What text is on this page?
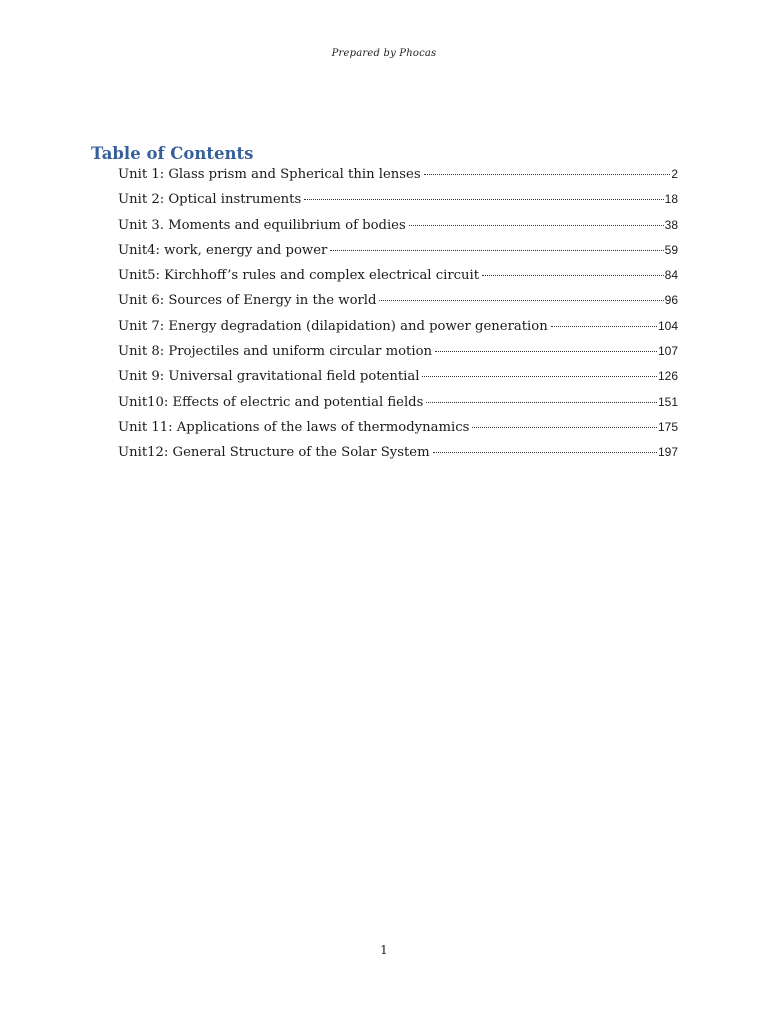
Prepared by Phocas
Table of Contents
Unit 1: Glass prism and Spherical thin lenses	2
Unit 2: Optical instruments	18
Unit 3. Moments and equilibrium of bodies	38
Unit4: work, energy and power	59
Unit5: Kirchhoff’s rules and complex electrical circuit	84
Unit 6: Sources of Energy in the world	96
Unit 7: Energy degradation (dilapidation) and power generation	104
Unit 8: Projectiles and uniform circular motion	107
Unit 9: Universal gravitational field potential	126
Unit10: Effects of electric and potential fields	151
Unit 11: Applications of the laws of thermodynamics	175
Unit12: General Structure of the Solar System	197
1
